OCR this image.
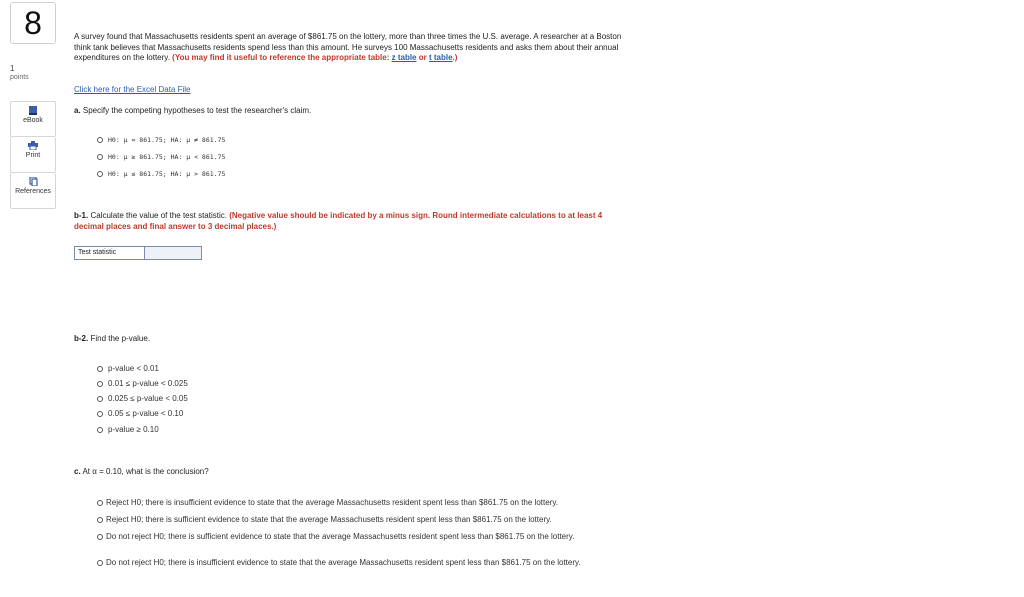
8
1
points
eBook
Print
References
A survey found that Massachusetts residents spent an average of $861.75 on the lottery, more than three times the U.S. average. A researcher at a Boston think tank believes that Massachusetts residents spend less than this amount. He surveys 100 Massachusetts residents and asks them about their annual expenditures on the lottery. (You may find it useful to reference the appropriate table: z table or t table.)
Click here for the Excel Data File
a. Specify the competing hypotheses to test the researcher's claim.
H0: μ = 861.75; HA: μ ≠ 861.75
H0: μ ≥ 861.75; HA: μ < 861.75
H0: μ ≤ 861.75; HA: μ > 861.75
b-1. Calculate the value of the test statistic. (Negative value should be indicated by a minus sign. Round intermediate calculations to at least 4 decimal places and final answer to 3 decimal places.)
Test statistic
b-2. Find the p-value.
p-value < 0.01
0.01 ≤ p-value < 0.025
0.025 ≤ p-value < 0.05
0.05 ≤ p-value < 0.10
p-value ≥ 0.10
c. At α = 0.10, what is the conclusion?
Reject H0; there is insufficient evidence to state that the average Massachusetts resident spent less than $861.75 on the lottery.
Reject H0; there is sufficient evidence to state that the average Massachusetts resident spent less than $861.75 on the lottery.
Do not reject H0; there is sufficient evidence to state that the average Massachusetts resident spent less than $861.75 on the lottery.
Do not reject H0; there is insufficient evidence to state that the average Massachusetts resident spent less than $861.75 on the lottery.
